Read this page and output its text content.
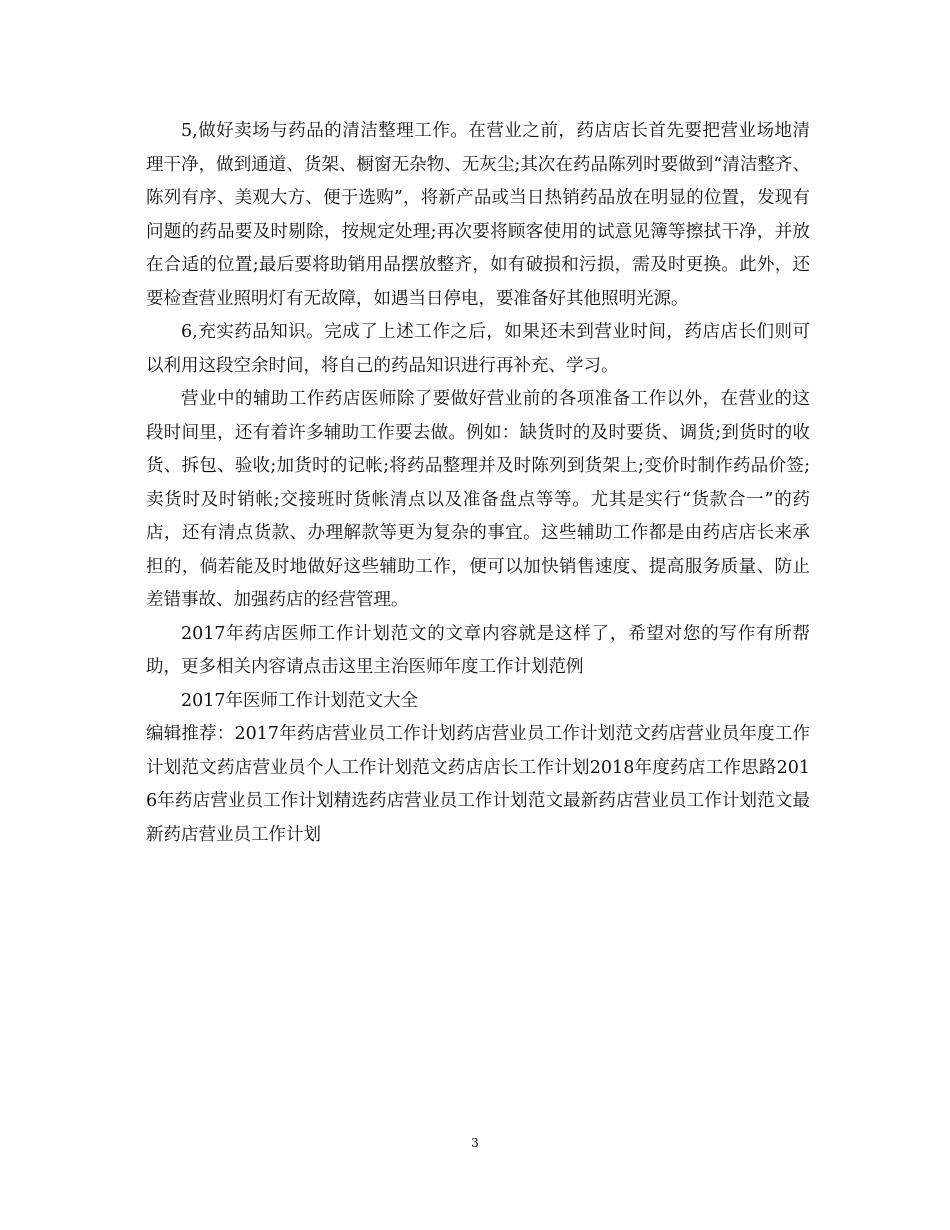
5,做好卖场与药品的清洁整理工作。在营业之前，药店店长首先要把营业场地清理干净，做到通道、货架、橱窗无杂物、无灰尘;其次在药品陈列时要做到“清洁整齐、陈列有序、美观大方、便于选购”，将新产品或当日热销药品放在明显的位置，发现有问题的药品要及时剔除，按规定处理;再次要将顾客使用的试意见簿等擦拭干净，并放在合适的位置;最后要将助销用品摆放整齐，如有破损和污损，需及时更换。此外，还要检查营业照明灯有无故障，如遇当日停电，要准备好其他照明光源。

6,充实药品知识。完成了上述工作之后，如果还未到营业时间，药店店长们则可以利用这段空余时间，将自己的药品知识进行再补充、学习。

营业中的辅助工作药店医师除了要做好营业前的各项准备工作以外，在营业的这段时间里，还有着许多辅助工作要去做。例如：缺货时的及时要货、调货;到货时的收货、拆包、验收;加货时的记帐;将药品整理并及时陈列到货架上;变价时制作药品价签;卖货时及时销帐;交接班时货帐清点以及准备盘点等等。尤其是实行“货款合一”的药店，还有清点货款、办理解款等更为复杂的事宜。这些辅助工作都是由药店店长来承担的，倘若能及时地做好这些辅助工作，便可以加快销售速度、提高服务质量、防止差错事故、加强药店的经营管理。

2017年药店医师工作计划范文的文章内容就是这样了，希望对您的写作有所帮助，更多相关内容请点击这里主治医师年度工作计划范例

2017年医师工作计划范文大全

编辑推荐：2017年药店营业员工作计划药店营业员工作计划范文药店营业员年度工作计划范文药店营业员个人工作计划范文药店店长工作计划2018年度药店工作思路2016年药店营业员工作计划精选药店营业员工作计划范文最新药店营业员工作计划范文最新药店营业员工作计划

3
